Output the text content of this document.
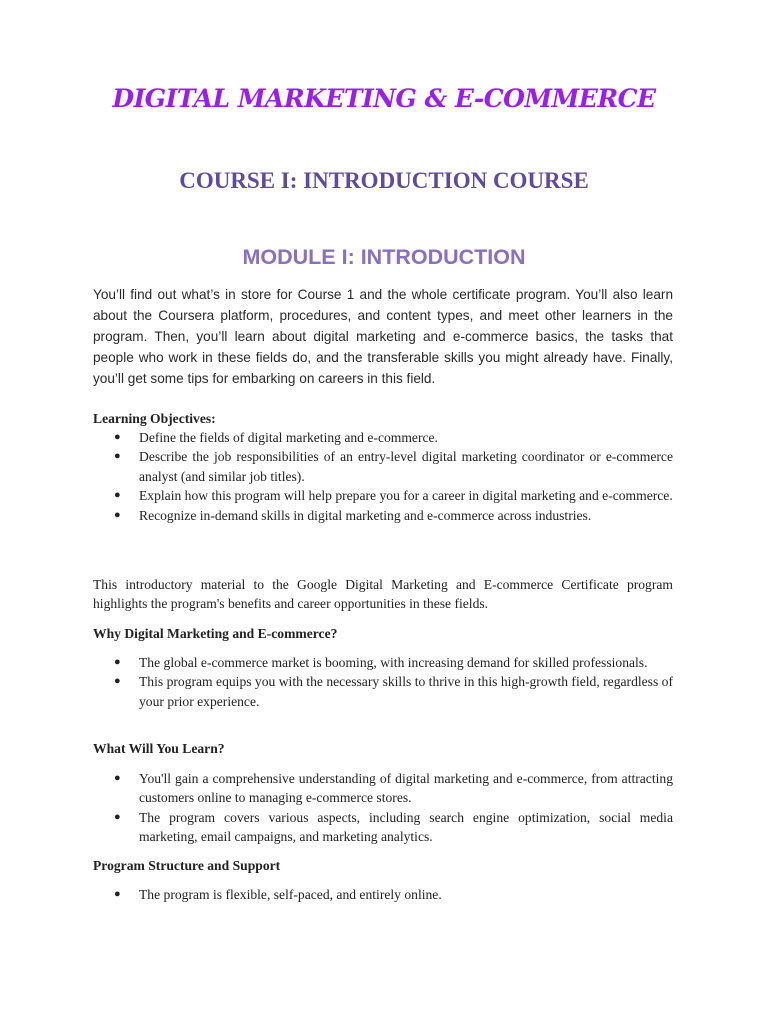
DIGITAL MARKETING & E-COMMERCE
COURSE I: INTRODUCTION COURSE
MODULE I: INTRODUCTION

You’ll find out what’s in store for Course 1 and the whole certificate program. You’ll also learn about the Coursera platform, procedures, and content types, and meet other learners in the program. Then, you’ll learn about digital marketing and e-commerce basics, the tasks that people who work in these fields do, and the transferable skills you might already have. Finally, you’ll get some tips for embarking on careers in this field.

Learning Objectives:

● Define the fields of digital marketing and e-commerce.
● Describe the job responsibilities of an entry-level digital marketing coordinator or e-commerce analyst (and similar job titles).
● Explain how this program will help prepare you for a career in digital marketing and e-commerce.
● Recognize in-demand skills in digital marketing and e-commerce across industries.

This introductory material to the Google Digital Marketing and E-commerce Certificate program highlights the program's benefits and career opportunities in these fields.

Why Digital Marketing and E-commerce?

● The global e-commerce market is booming, with increasing demand for skilled professionals.
● This program equips you with the necessary skills to thrive in this high-growth field, regardless of your prior experience.

What Will You Learn?

● You'll gain a comprehensive understanding of digital marketing and e-commerce, from attracting customers online to managing e-commerce stores.
● The program covers various aspects, including search engine optimization, social media marketing, email campaigns, and marketing analytics.

Program Structure and Support

● The program is flexible, self-paced, and entirely online.
